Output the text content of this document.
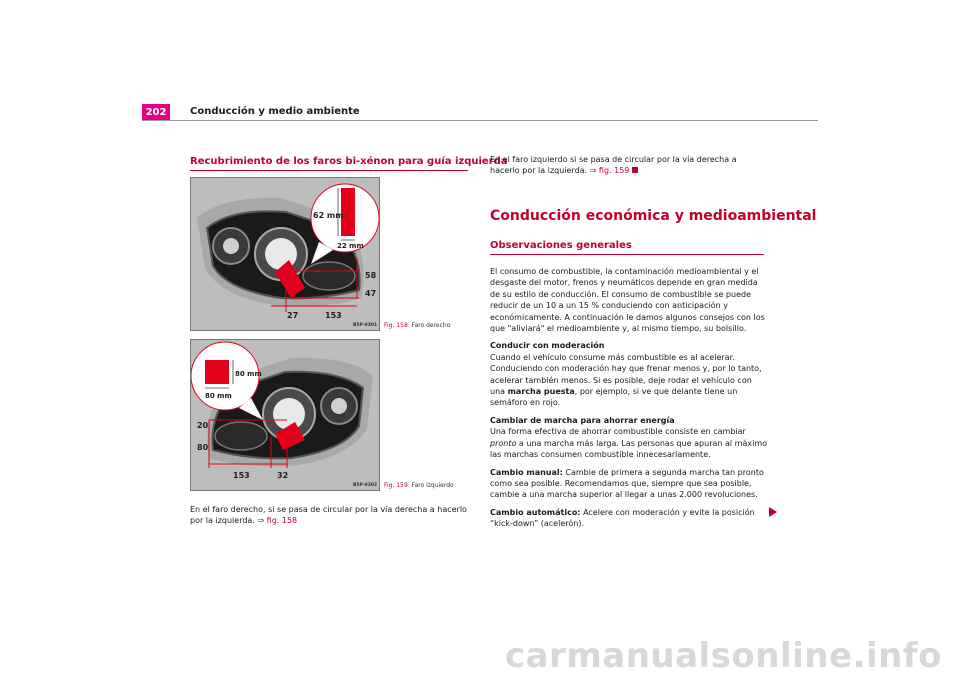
202	Conducción y medio ambiente
Recubrimiento de los faros bi-xénon para guía izquierda
62 mm
22 mm
58
47
27	153
B5P-0301 Fig. 158 Faro derecho
80 mm
80 mm
20
80
153	32
B5P-0302 Fig. 159 Faro izquierdo
En el faro derecho, si se pasa de circular por la vía derecha a hacerlo por la izquierda. ⇒ fig. 158
En el faro izquierdo si se pasa de circular por la vía derecha a hacerlo por la izquierda. ⇒ fig. 159
Conducción económica y medioambiental
Observaciones generales

El consumo de combustible, la contaminación medioambiental y el desgaste del motor, frenos y neumáticos depende en gran medida de su estilo de conducción. El consumo de combustible se puede reducir de un 10 a un 15 % conduciendo con anticipación y económicamente. A continuación le damos algunos consejos con los que "aliviará" el medioambiente y, al mismo tiempo, su bolsillo.

Conducir con moderación

Cuando el vehículo consume más combustible es al acelerar. Conduciendo con moderación hay que frenar menos y, por lo tanto, acelerar también menos. Si es posible, deje rodar el vehículo con una marcha puesta, por ejemplo, si ve que delante tiene un semáforo en rojo.

Cambiar de marcha para ahorrar energía

Una forma efectiva de ahorrar combustible consiste en cambiar pronto a una marcha más larga. Las personas que apuran al máximo las marchas consumen combustible innecesariamente.

Cambio manual: Cambie de primera a segunda marcha tan pronto como sea posible. Recomendamos que, siempre que sea posible, cambie a una marcha superior al llegar a unas 2.000 revoluciones.

Cambio automático: Acelere con moderación y evite la posición “kick-down” (acelerón).

carmanualsonline.info
